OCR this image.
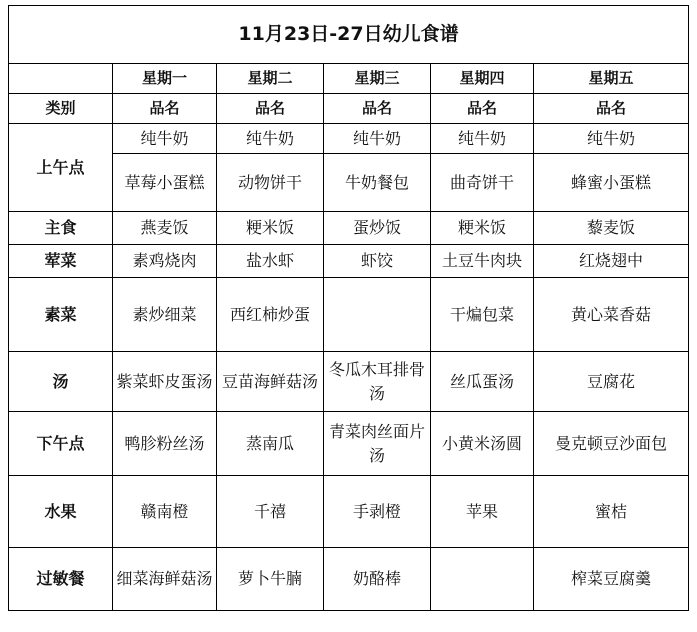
11月23日-27日幼儿食谱					
	星期一	星期二	星期三	星期四	星期五
类别	品名	品名	品名	品名	品名
上午点	纯牛奶	纯牛奶	纯牛奶	纯牛奶	纯牛奶
	草莓小蛋糕	动物饼干	牛奶餐包	曲奇饼干	蜂蜜小蛋糕
主食	燕麦饭	粳米饭	蛋炒饭	粳米饭	藜麦饭
荤菜	素鸡烧肉	盐水虾	虾饺	土豆牛肉块	红烧翅中
素菜	素炒细菜	西红柿炒蛋		干煸包菜	黄心菜香菇
汤	紫菜虾皮蛋汤	豆苗海鲜菇汤	冬瓜木耳排骨汤	丝瓜蛋汤	豆腐花
下午点	鸭胗粉丝汤	蒸南瓜	青菜肉丝面片汤	小黄米汤圆	曼克顿豆沙面包
水果	赣南橙	千禧	手剥橙	苹果	蜜桔
过敏餐	细菜海鲜菇汤	萝卜牛腩	奶酪棒		榨菜豆腐羹
